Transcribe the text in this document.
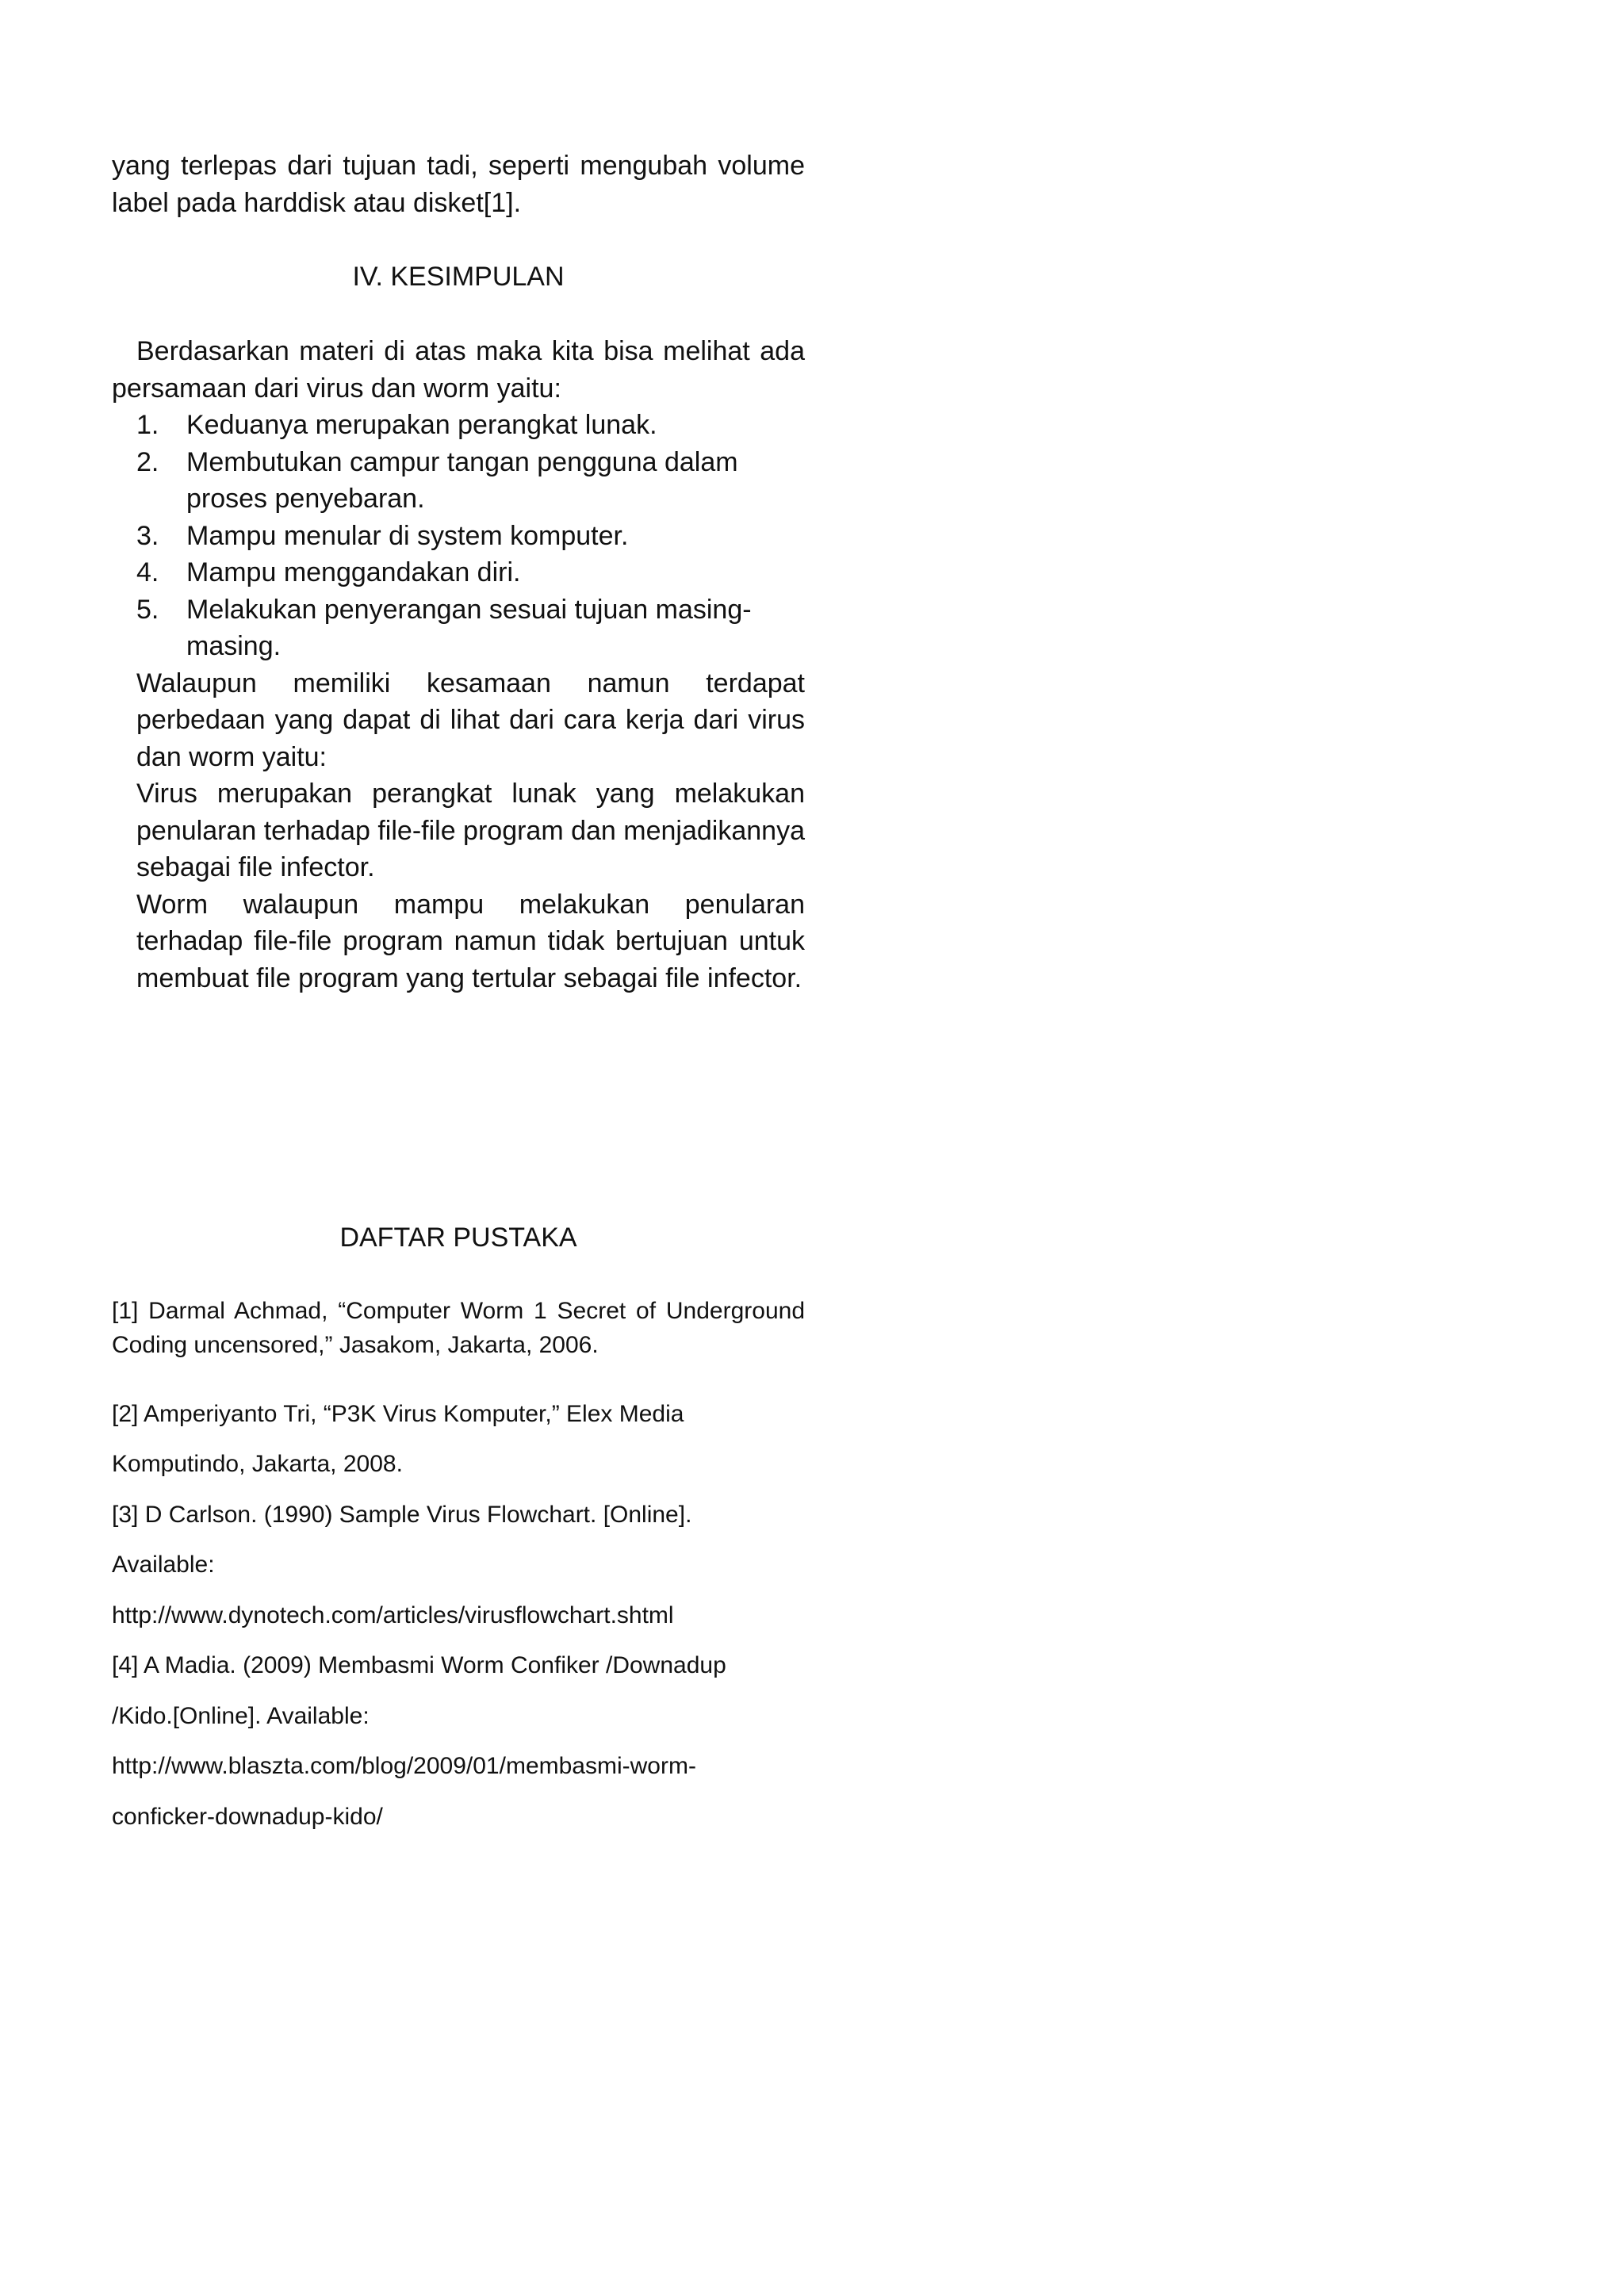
yang terlepas dari tujuan tadi, seperti mengubah volume label pada harddisk atau disket[1].

IV. KESIMPULAN

Berdasarkan materi di atas maka kita bisa melihat ada persamaan dari virus dan worm yaitu:

1. Keduanya merupakan perangkat lunak.
2. Membutukan campur tangan pengguna dalam proses penyebaran.
3. Mampu menular di system komputer.
4. Mampu menggandakan diri.
5. Melakukan penyerangan sesuai tujuan masing-masing.

Walaupun memiliki kesamaan namun terdapat perbedaan yang dapat di lihat dari cara kerja dari virus dan worm yaitu:

Virus merupakan perangkat lunak yang melakukan penularan terhadap file-file program dan menjadikannya sebagai file infector.

Worm walaupun mampu melakukan penularan terhadap file-file program namun tidak bertujuan untuk membuat file program yang tertular sebagai file infector.

DAFTAR PUSTAKA

[1] Darmal Achmad, “Computer Worm 1 Secret of Underground Coding uncensored,” Jasakom, Jakarta, 2006.

[2] Amperiyanto Tri, “P3K Virus Komputer,” Elex Media
Komputindo, Jakarta, 2008.
[3] D Carlson. (1990) Sample Virus Flowchart. [Online].
Available:
http://www.dynotech.com/articles/virusflowchart.shtml
[4] A Madia. (2009) Membasmi Worm Confiker /Downadup
/Kido.[Online]. Available:
http://www.blaszta.com/blog/2009/01/membasmi-worm-
conficker-downadup-kido/
